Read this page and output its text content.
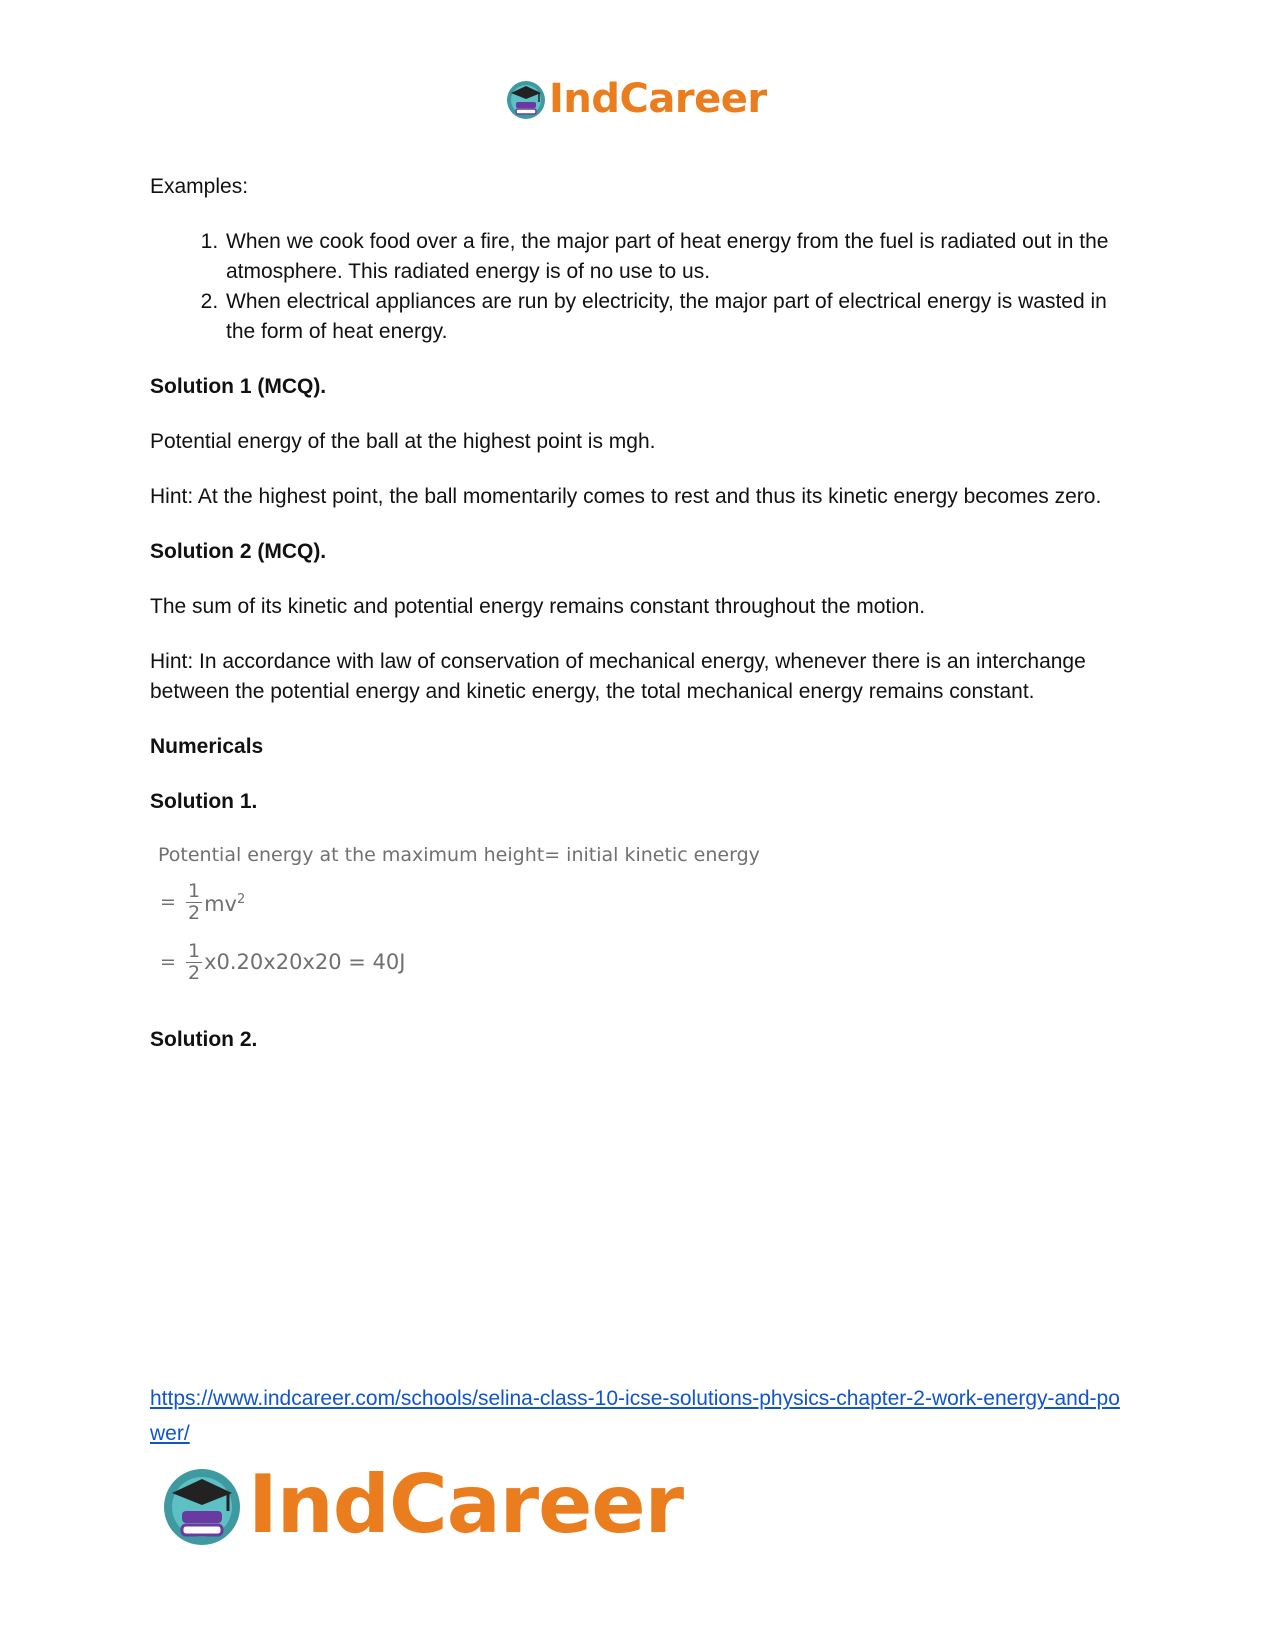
IndCareer

Examples:

1. When we cook food over a fire, the major part of heat energy from the fuel is radiated out in the atmosphere. This radiated energy is of no use to us.
2. When electrical appliances are run by electricity, the major part of electrical energy is wasted in the form of heat energy.

Solution 1 (MCQ).

Potential energy of the ball at the highest point is mgh.

Hint: At the highest point, the ball momentarily comes to rest and thus its kinetic energy becomes zero.

Solution 2 (MCQ).

The sum of its kinetic and potential energy remains constant throughout the motion.

Hint: In accordance with law of conservation of mechanical energy, whenever there is an interchange between the potential energy and kinetic energy, the total mechanical energy remains constant.

Numericals

Solution 1.

Potential energy at the maximum height= initial kinetic energy
= $\frac{1}{2} mv^2$
= $\frac{1}{2} x0.20x20x20 = 40J$

Solution 2.

https://www.indcareer.com/schools/selina-class-10-icse-solutions-physics-chapter-2-work-energy-and-power/
IndCareer
